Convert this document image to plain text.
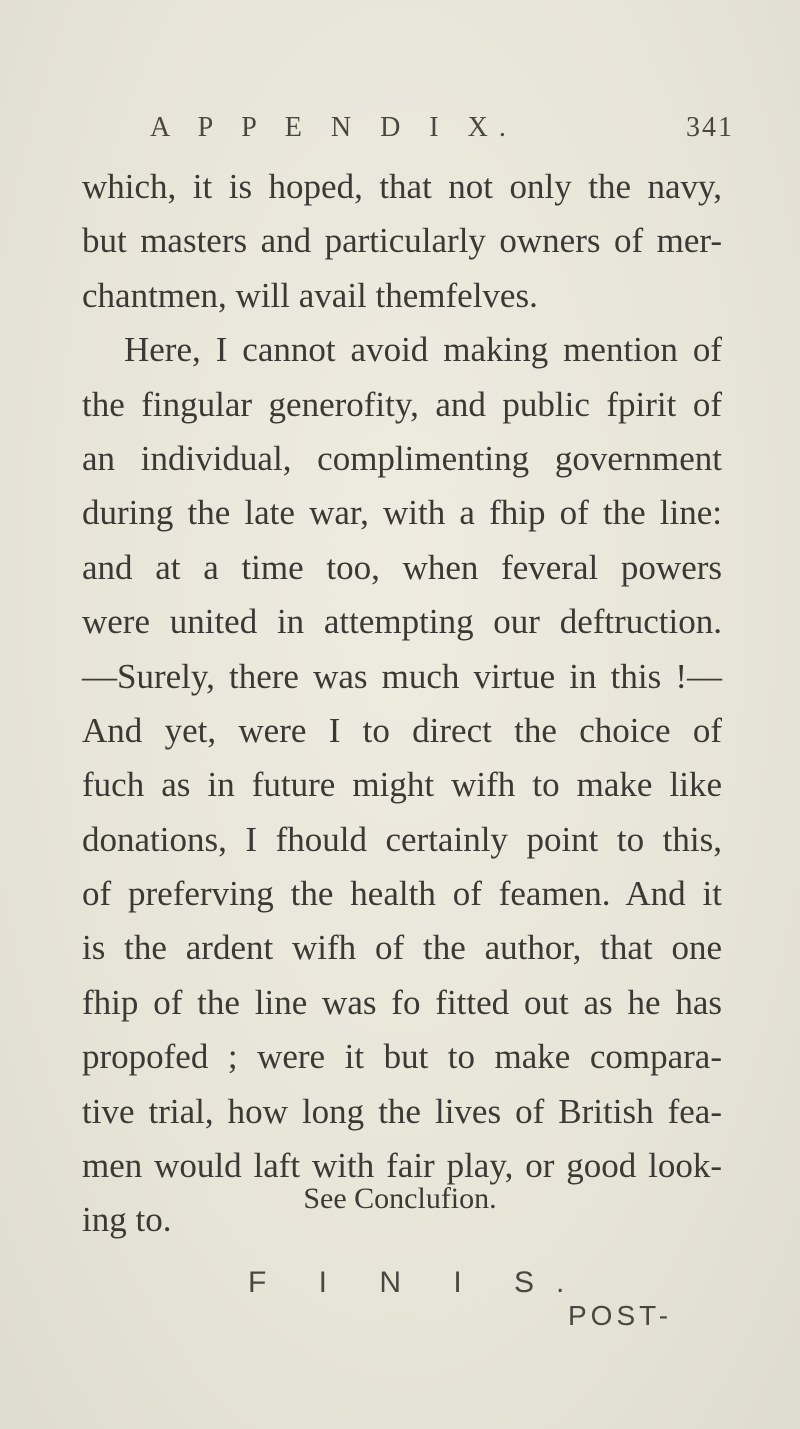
A P P E N D I X.	341
which, it is hoped, that not only the navy,
but masters and particularly owners of mer-
chantmen, will avail themfelves.
Here, I cannot avoid making mention of
the fingular generofity, and public fpirit of
an individual, complimenting government
during the late war, with a fhip of the line:
and at a time too, when feveral powers
were united in attempting our deftruction.
—Surely, there was much virtue in this !—
And yet, were I to direct the choice of
fuch as in future might wifh to make like
donations, I fhould certainly point to this,
of preferving the health of feamen. And it
is the ardent wifh of the author, that one
fhip of the line was fo fitted out as he has
propofed ; were it but to make compara-
tive trial, how long the lives of British fea-
men would laft with fair play, or good look-
ing to.
See Conclufion.
F I N I S.
POST-
